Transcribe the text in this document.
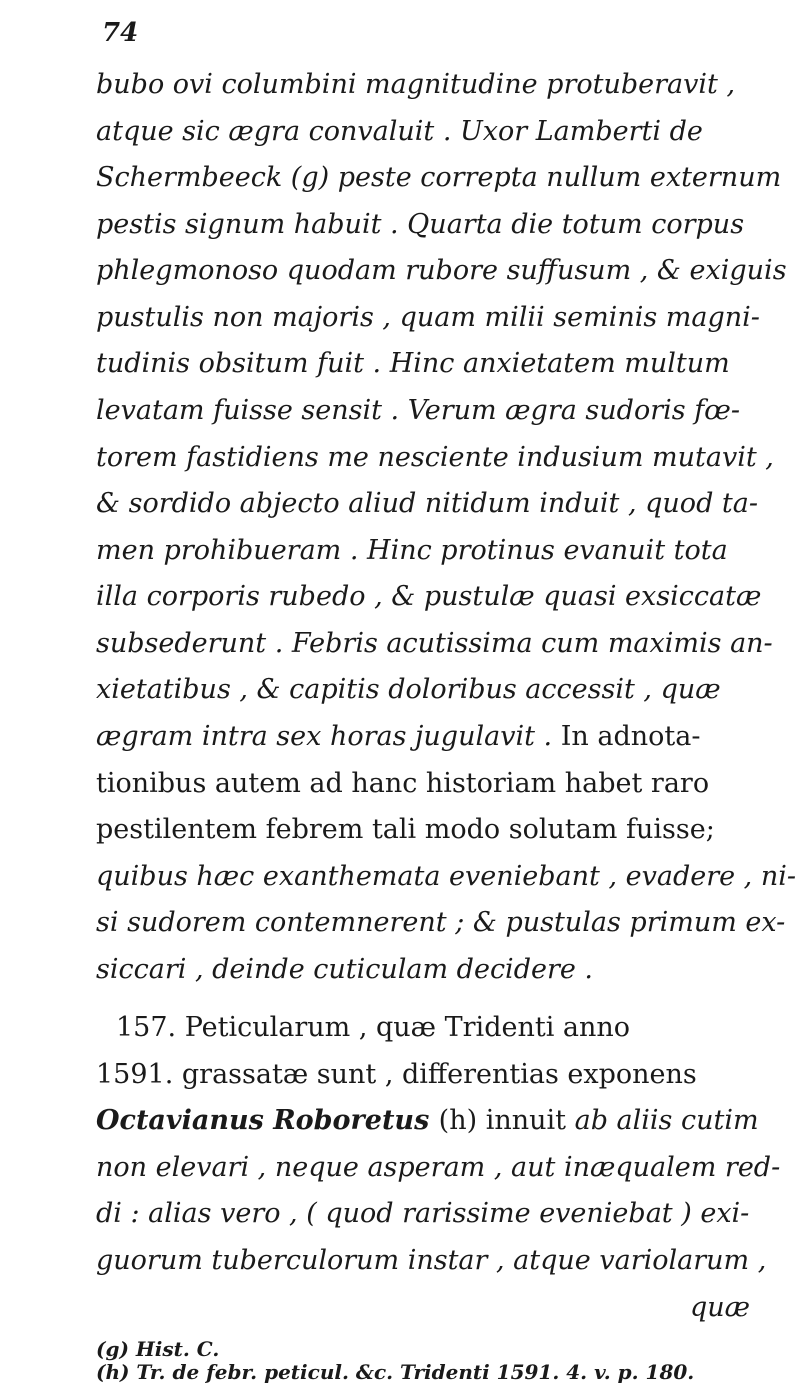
74
bubo ovi columbini magnitudine protuberavit ,
atque sic ægra convaluit . Uxor Lamberti de
Schermbeeck (g) peste correpta nullum externum
pestis signum habuit . Quarta die totum corpus
phlegmonoso quodam rubore suffusum , & exiguis
pustulis non majoris , quam milii seminis magni-
tudinis obsitum fuit . Hinc anxietatem multum
levatam fuisse sensit . Verum ægra sudoris fœ-
torem fastidiens me nesciente indusium mutavit ,
& sordido abjecto aliud nitidum induit , quod ta-
men prohibueram . Hinc protinus evanuit tota
illa corporis rubedo , & pustulæ quasi exsiccatæ
subsederunt . Febris acutissima cum maximis an-
xietatibus , & capitis doloribus accessit , quæ
ægram intra sex horas jugulavit . In adnota-
tionibus autem ad hanc historiam habet raro
pestilentem febrem tali modo solutam fuisse;
quibus hæc exanthemata eveniebant , evadere , ni-
si sudorem contemnerent ; & pustulas primum ex-
siccari , deinde cuticulam decidere .
157. Peticularum , quæ Tridenti anno
1591. grassatæ sunt , differentias exponens
Octavianus Roboretus (h) innuit ab aliis cutim
non elevari , neque asperam , aut inæqualem red-
di : alias vero , ( quod rarissime eveniebat ) exi-
guorum tuberculorum instar , atque variolarum ,
quæ
(g) Hist. C.
(h) Tr. de febr. peticul. &c. Tridenti 1591. 4. v. p. 180.
